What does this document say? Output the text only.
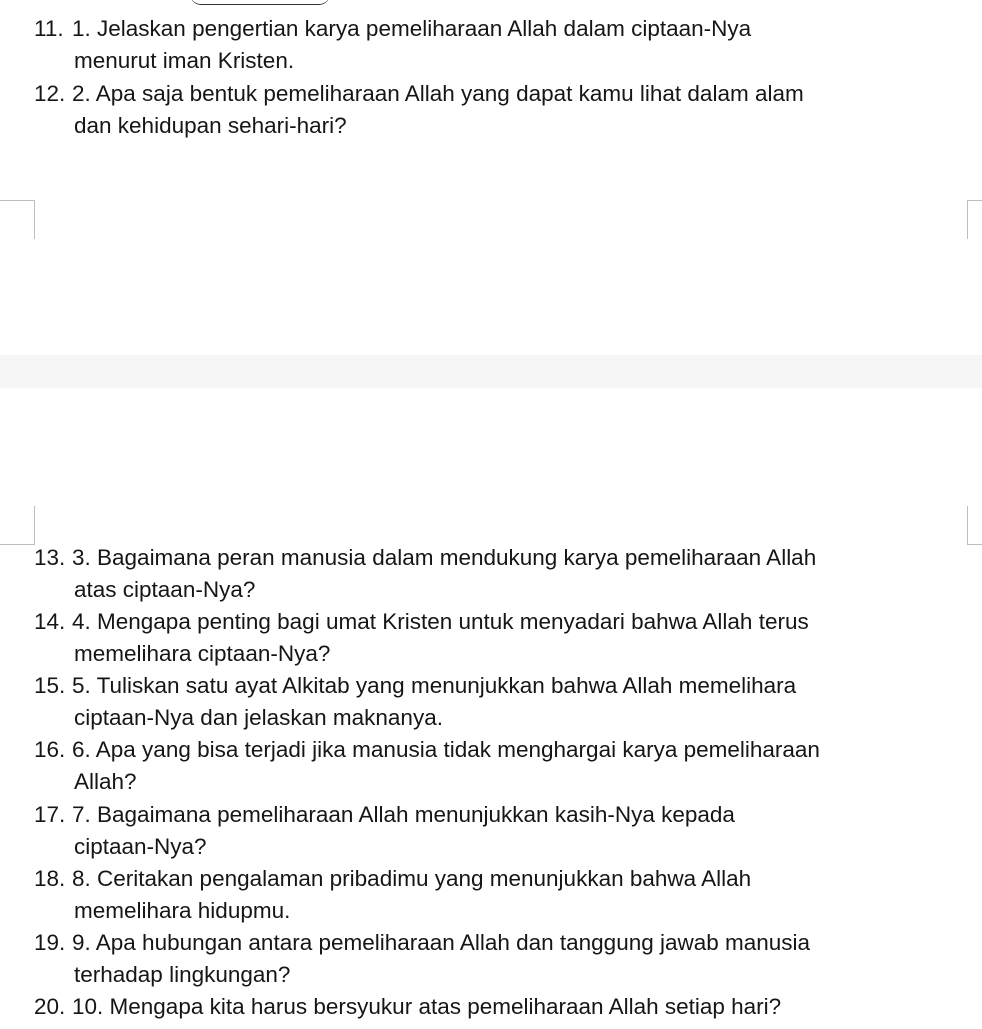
11. 1. Jelaskan pengertian karya pemeliharaan Allah dalam ciptaan-Nya
menurut iman Kristen.
12. 2. Apa saja bentuk pemeliharaan Allah yang dapat kamu lihat dalam alam
dan kehidupan sehari-hari?
13. 3. Bagaimana peran manusia dalam mendukung karya pemeliharaan Allah
atas ciptaan-Nya?
14. 4. Mengapa penting bagi umat Kristen untuk menyadari bahwa Allah terus
memelihara ciptaan-Nya?
15. 5. Tuliskan satu ayat Alkitab yang menunjukkan bahwa Allah memelihara
ciptaan-Nya dan jelaskan maknanya.
16. 6. Apa yang bisa terjadi jika manusia tidak menghargai karya pemeliharaan
Allah?
17. 7. Bagaimana pemeliharaan Allah menunjukkan kasih-Nya kepada
ciptaan-Nya?
18. 8. Ceritakan pengalaman pribadimu yang menunjukkan bahwa Allah
memelihara hidupmu.
19. 9. Apa hubungan antara pemeliharaan Allah dan tanggung jawab manusia
terhadap lingkungan?
20. 10. Mengapa kita harus bersyukur atas pemeliharaan Allah setiap hari?
